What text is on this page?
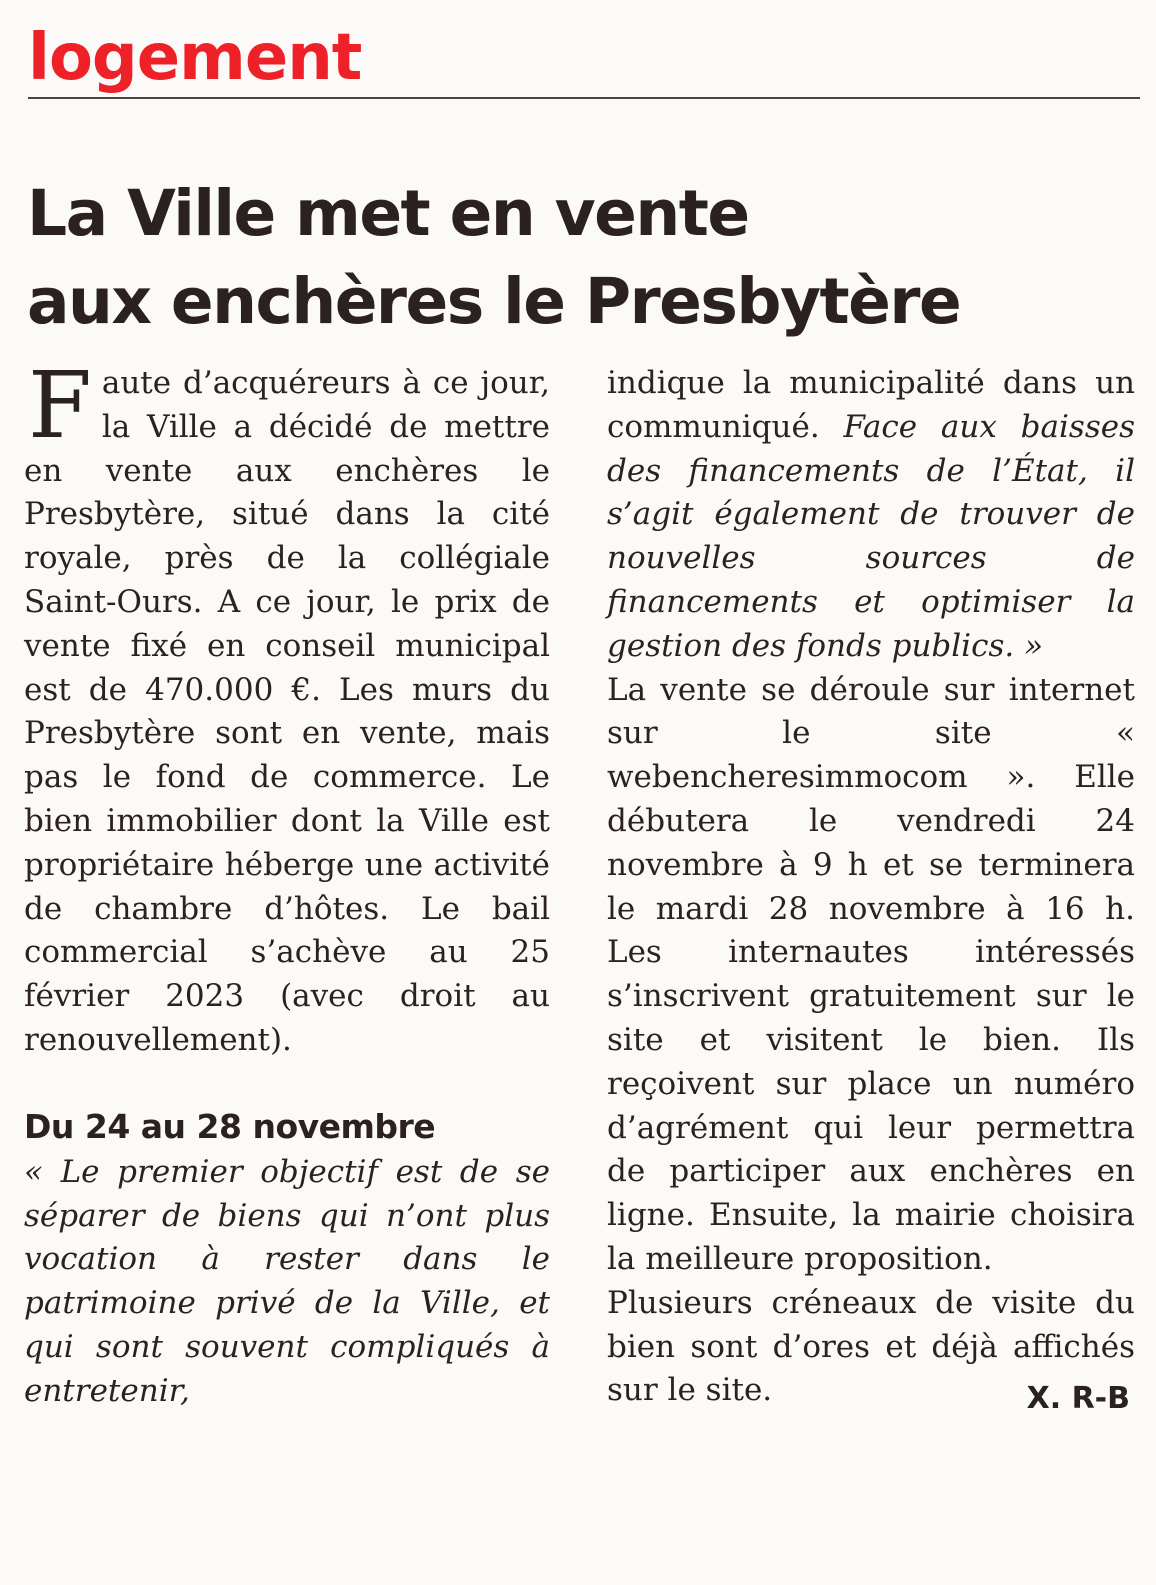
logement
La Ville met en vente
aux enchères le Presbytère

Faute d’acquéreurs à ce jour, la Ville a décidé de mettre en vente aux enchères le Presbytère, situé dans la cité royale, près de la collégiale Saint-Ours. A ce jour, le prix de vente fixé en conseil municipal est de 470.000 €. Les murs du Presbytère sont en vente, mais pas le fond de commerce. Le bien immobilier dont la Ville est propriétaire héberge une activité de chambre d’hôtes. Le bail commercial s’achève au 25 février 2023 (avec droit au renouvellement).

Du 24 au 28 novembre

« Le premier objectif est de se séparer de biens qui n’ont plus vocation à rester dans le patrimoine privé de la Ville, et qui sont souvent compliqués à entretenir,

indique la municipalité dans un communiqué. Face aux baisses des financements de l’État, il s’agit également de trouver de nouvelles sources de financements et optimiser la gestion des fonds publics. »

La vente se déroule sur internet sur le site « webencheresimmocom ». Elle débutera le vendredi 24 novembre à 9 h et se terminera le mardi 28 novembre à 16 h. Les internautes intéressés s’inscrivent gratuitement sur le site et visitent le bien. Ils reçoivent sur place un numéro d’agrément qui leur permettra de participer aux enchères en ligne. Ensuite, la mairie choisira la meilleure proposition.

Plusieurs créneaux de visite du bien sont d’ores et déjà affichés sur le site.	X. R-B
